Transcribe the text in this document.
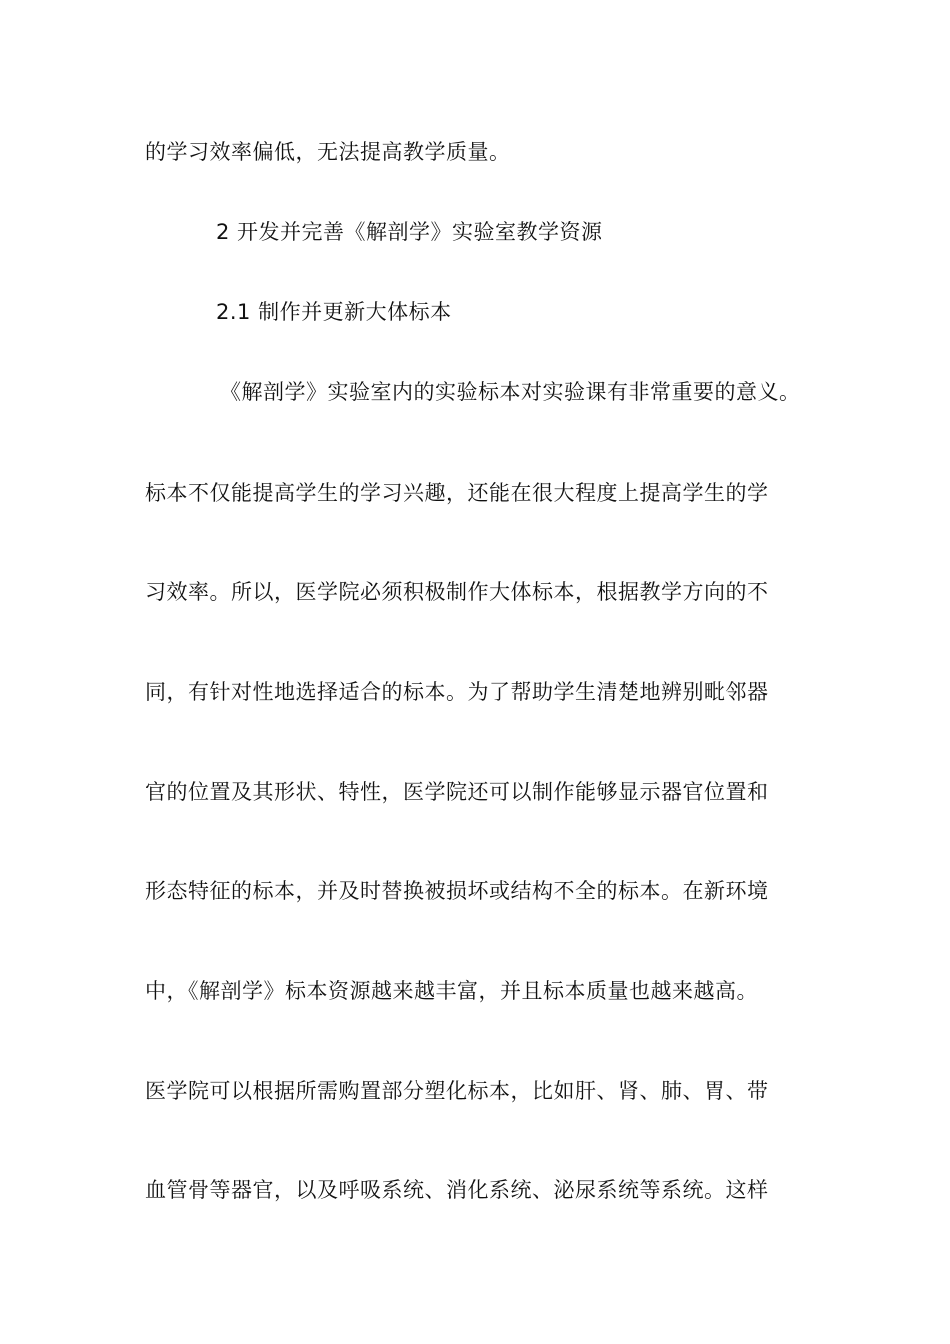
的学习效率偏低，无法提高教学质量。
2 开发并完善《解剖学》实验室教学资源
2.1 制作并更新大体标本
《解剖学》实验室内的实验标本对实验课有非常重要的意义。
标本不仅能提高学生的学习兴趣，还能在很大程度上提高学生的学
习效率。所以，医学院必须积极制作大体标本，根据教学方向的不
同，有针对性地选择适合的标本。为了帮助学生清楚地辨别毗邻器
官的位置及其形状、特性，医学院还可以制作能够显示器官位置和
形态特征的标本，并及时替换被损坏或结构不全的标本。在新环境
中，《解剖学》标本资源越来越丰富，并且标本质量也越来越高。
医学院可以根据所需购置部分塑化标本，比如肝、肾、肺、胃、带
血管骨等器官，以及呼吸系统、消化系统、泌尿系统等系统。这样
